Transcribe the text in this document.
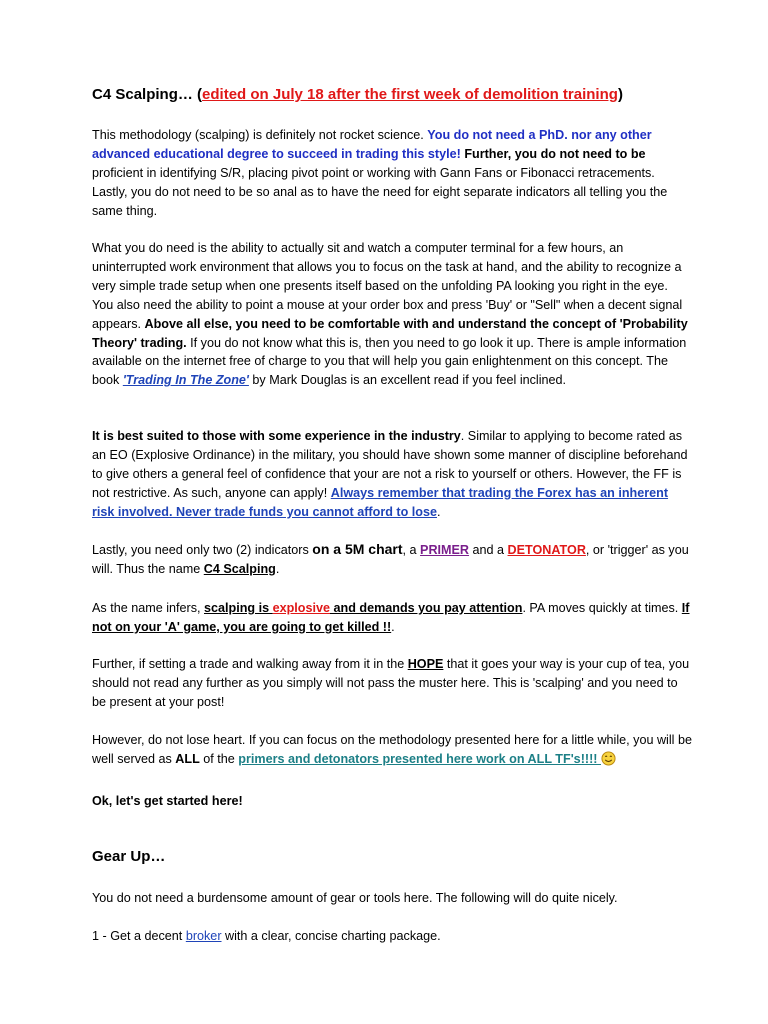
C4 Scalping… (edited on July 18 after the first week of demolition training)

This methodology (scalping) is definitely not rocket science. You do not need a PhD. nor any other advanced educational degree to succeed in trading this style! Further, you do not need to be proficient in identifying S/R, placing pivot point or working with Gann Fans or Fibonacci retracements. Lastly, you do not need to be so anal as to have the need for eight separate indicators all telling you the same thing.

What you do need is the ability to actually sit and watch a computer terminal for a few hours, an uninterrupted work environment that allows you to focus on the task at hand, and the ability to recognize a very simple trade setup when one presents itself based on the unfolding PA looking you right in the eye. You also need the ability to point a mouse at your order box and press 'Buy' or "Sell" when a decent signal appears. Above all else, you need to be comfortable with and understand the concept of 'Probability Theory' trading. If you do not know what this is, then you need to go look it up. There is ample information available on the internet free of charge to you that will help you gain enlightenment on this concept. The book 'Trading In The Zone' by Mark Douglas is an excellent read if you feel inclined.

It is best suited to those with some experience in the industry. Similar to applying to become rated as an EO (Explosive Ordinance) in the military, you should have shown some manner of discipline beforehand to give others a general feel of confidence that your are not a risk to yourself or others. However, the FF is not restrictive. As such, anyone can apply! Always remember that trading the Forex has an inherent risk involved. Never trade funds you cannot afford to lose.

Lastly, you need only two (2) indicators on a 5M chart, a PRIMER and a DETONATOR, or 'trigger' as you will. Thus the name C4 Scalping.

As the name infers, scalping is explosive and demands you pay attention. PA moves quickly at times. If not on your 'A' game, you are going to get killed !!.

Further, if setting a trade and walking away from it in the HOPE that it goes your way is your cup of tea, you should not read any further as you simply will not pass the muster here. This is 'scalping' and you need to be present at your post!

However, do not lose heart. If you can focus on the methodology presented here for a little while, you will be well served as ALL of the primers and detonators presented here work on ALL TF's!!!!

Ok, let's get started here!

Gear Up…

You do not need a burdensome amount of gear or tools here. The following will do quite nicely.

1 - Get a decent broker with a clear, concise charting package.
